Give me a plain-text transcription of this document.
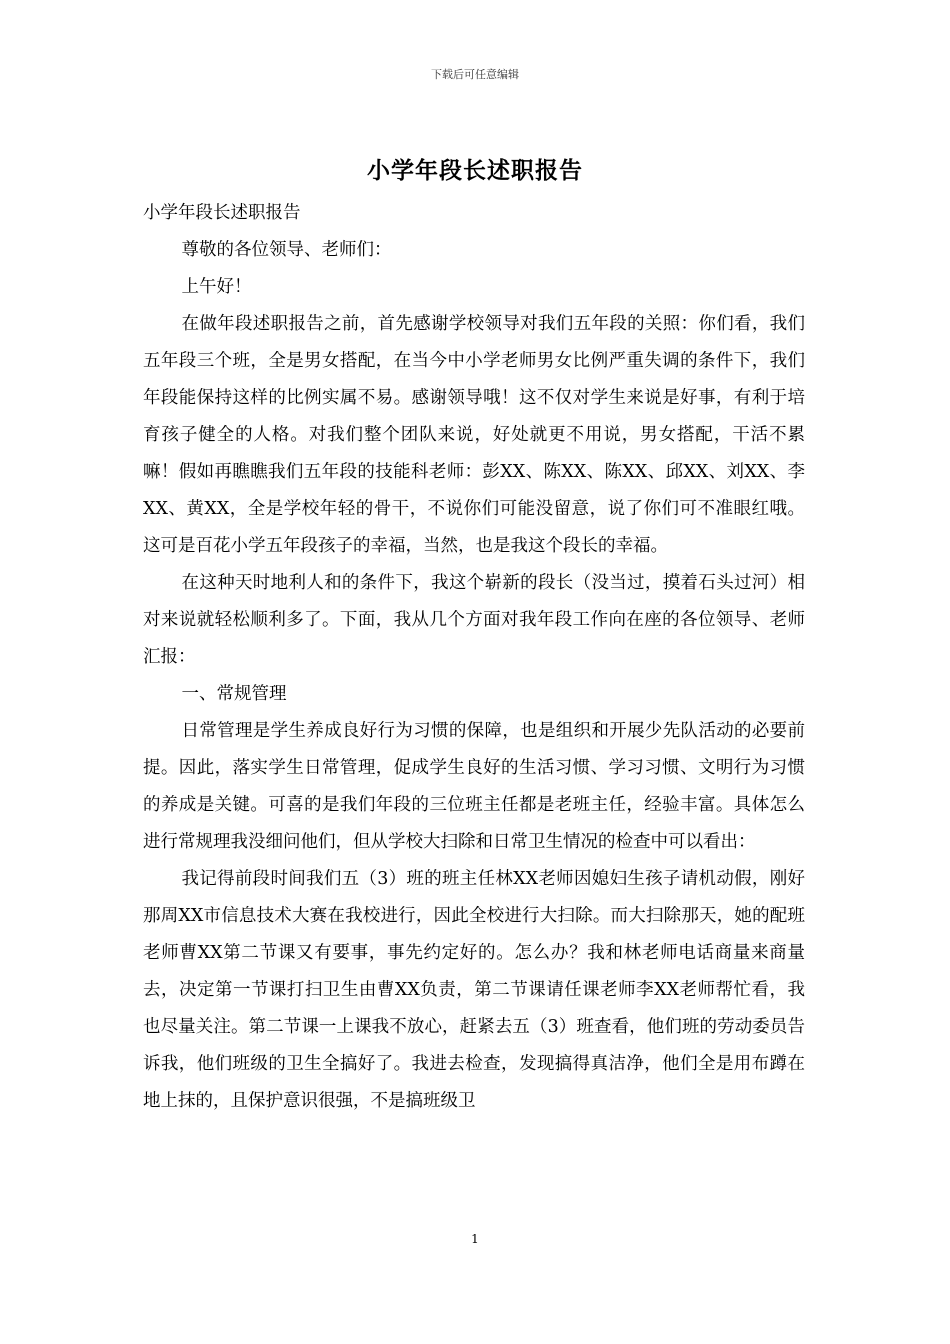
下载后可任意编辑
小学年段长述职报告

小学年段长述职报告

尊敬的各位领导、老师们：

上午好！

在做年段述职报告之前，首先感谢学校领导对我们五年段的关照：你们看，我们五年段三个班，全是男女搭配，在当今中小学老师男女比例严重失调的条件下，我们年段能保持这样的比例实属不易。感谢领导哦！这不仅对学生来说是好事，有利于培育孩子健全的人格。对我们整个团队来说，好处就更不用说，男女搭配，干活不累嘛！假如再瞧瞧我们五年段的技能科老师：彭XX、陈XX、陈XX、邱XX、刘XX、李XX、黄XX，全是学校年轻的骨干，不说你们可能没留意，说了你们可不准眼红哦。这可是百花小学五年段孩子的幸福，当然，也是我这个段长的幸福。

在这种天时地利人和的条件下，我这个崭新的段长（没当过，摸着石头过河）相对来说就轻松顺利多了。下面，我从几个方面对我年段工作向在座的各位领导、老师汇报：

一、常规管理

日常管理是学生养成良好行为习惯的保障，也是组织和开展少先队活动的必要前提。因此，落实学生日常管理，促成学生良好的生活习惯、学习习惯、文明行为习惯的养成是关键。可喜的是我们年段的三位班主任都是老班主任，经验丰富。具体怎么进行常规理我没细问他们，但从学校大扫除和日常卫生情况的检查中可以看出：

我记得前段时间我们五（3）班的班主任林XX老师因媳妇生孩子请机动假，刚好那周XX市信息技术大赛在我校进行，因此全校进行大扫除。而大扫除那天，她的配班老师曹XX第二节课又有要事，事先约定好的。怎么办？我和林老师电话商量来商量去，决定第一节课打扫卫生由曹XX负责，第二节课请任课老师李XX老师帮忙看，我也尽量关注。第二节课一上课我不放心，赶紧去五（3）班查看，他们班的劳动委员告诉我，他们班级的卫生全搞好了。我进去检查，发现搞得真洁净，他们全是用布蹲在地上抹的，且保护意识很强，不是搞班级卫

1
